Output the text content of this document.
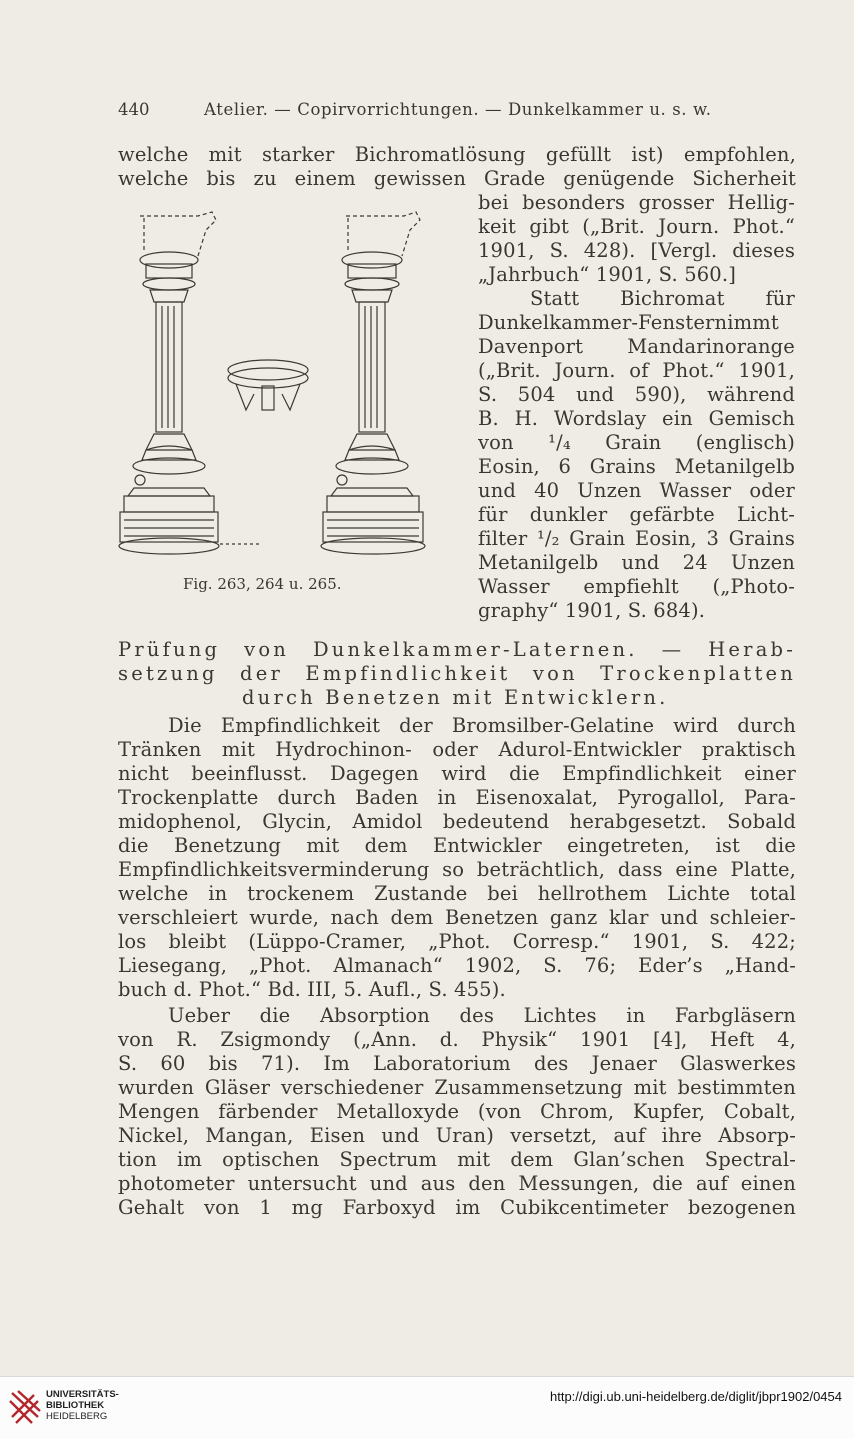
440	Atelier. — Copirvorrichtungen. — Dunkelkammer u. s. w.
welche mit starker Bichromatlösung gefüllt ist) empfohlen,
welche bis zu einem gewissen Grade genügende Sicherheit
bei besonders grosser Hellig-
keit gibt („Brit. Journ. Phot.“
1901, S. 428). [Vergl. dieses
„Jahrbuch“ 1901, S. 560.]
Statt Bichromat für
Dunkelkammer-Fensternimmt
Davenport Mandarinorange
(„Brit. Journ. of Phot.“ 1901,
S. 504 und 590), während
B. H. Wordslay ein Gemisch
von ¹/₄ Grain (englisch)
Eosin, 6 Grains Metanilgelb
und 40 Unzen Wasser oder
für dunkler gefärbte Licht-
filter ¹/₂ Grain Eosin, 3 Grains
Metanilgelb und 24 Unzen
Wasser empfiehlt („Photo-
graphy“ 1901, S. 684).
Fig. 263, 264 u. 265.
Prüfung von Dunkelkammer-Laternen. — Herab-
setzung der Empfindlichkeit von Trockenplatten
durch Benetzen mit Entwicklern.
Die Empfindlichkeit der Bromsilber-Gelatine wird durch
Tränken mit Hydrochinon- oder Adurol-Entwickler praktisch
nicht beeinflusst. Dagegen wird die Empfindlichkeit einer
Trockenplatte durch Baden in Eisenoxalat, Pyrogallol, Para-
midophenol, Glycin, Amidol bedeutend herabgesetzt. Sobald
die Benetzung mit dem Entwickler eingetreten, ist die
Empfindlichkeitsverminderung so beträchtlich, dass eine Platte,
welche in trockenem Zustande bei hellrothem Lichte total
verschleiert wurde, nach dem Benetzen ganz klar und schleier-
los bleibt (Lüppo-Cramer, „Phot. Corresp.“ 1901, S. 422;
Liesegang, „Phot. Almanach“ 1902, S. 76; Eder’s „Hand-
buch d. Phot.“ Bd. III, 5. Aufl., S. 455).
Ueber die Absorption des Lichtes in Farbgläsern
von R. Zsigmondy („Ann. d. Physik“ 1901 [4], Heft 4,
S. 60 bis 71). Im Laboratorium des Jenaer Glaswerkes
wurden Gläser verschiedener Zusammensetzung mit bestimmten
Mengen färbender Metalloxyde (von Chrom, Kupfer, Cobalt,
Nickel, Mangan, Eisen und Uran) versetzt, auf ihre Absorp-
tion im optischen Spectrum mit dem Glan’schen Spectral-
photometer untersucht und aus den Messungen, die auf einen
Gehalt von 1 mg Farboxyd im Cubikcentimeter bezogenen
UNIVERSITÄTS-
BIBLIOTHEK
HEIDELBERG
http://digi.ub.uni-heidelberg.de/diglit/jbpr1902/0454
